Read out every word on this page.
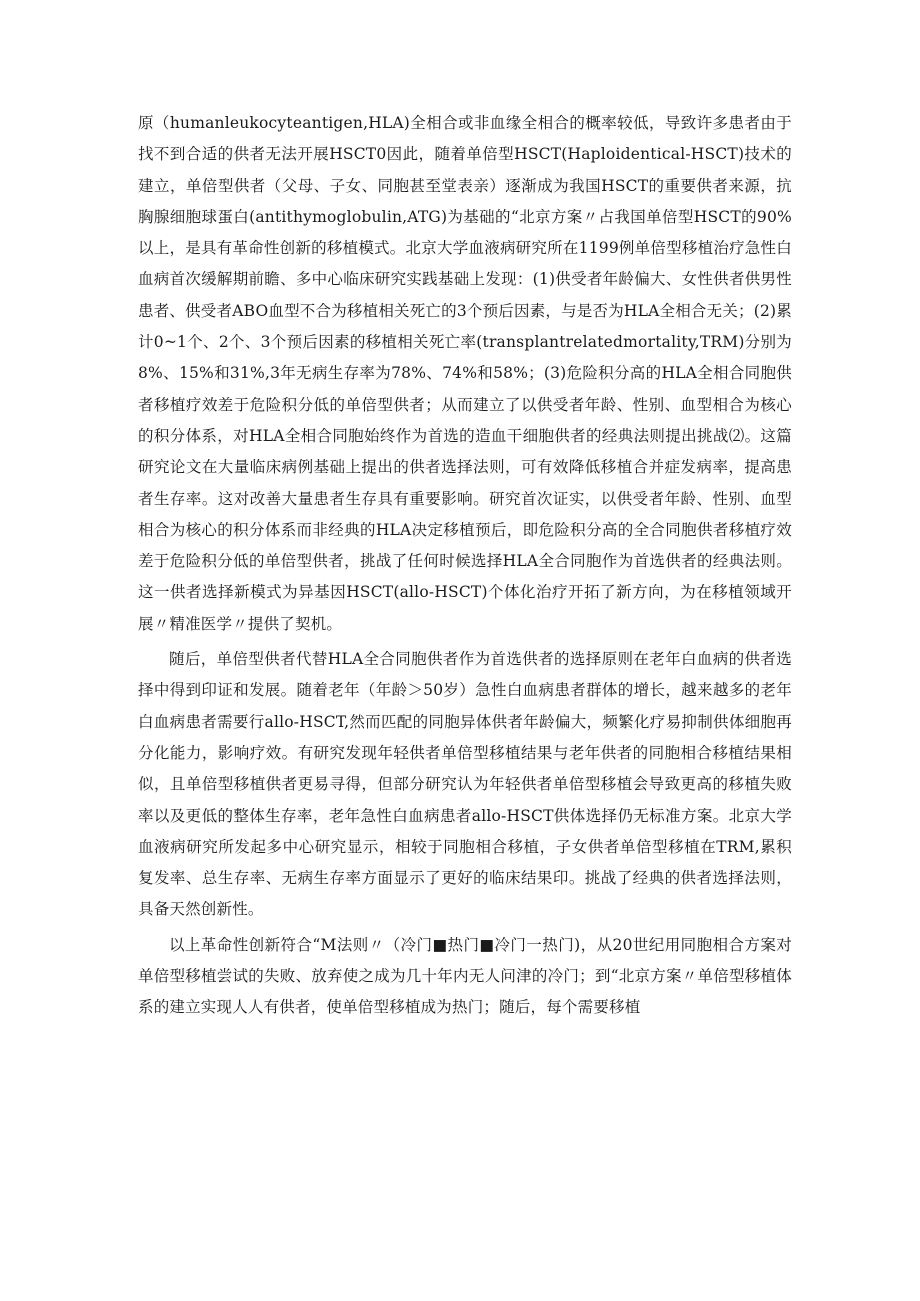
原（humanleukocyteantigen,HLA)全相合或非血缘全相合的概率较低，导致许多患者由于找不到合适的供者无法开展HSCT0因此，随着单倍型HSCT(Haploidentical-HSCT)技术的建立，单倍型供者（父母、子女、同胞甚至堂表亲）逐渐成为我国HSCT的重要供者来源，抗胸腺细胞球蛋白(antithymoglobulin,ATG)为基础的“北京方案〃占我国单倍型HSCT的90%以上，是具有革命性创新的移植模式。北京大学血液病研究所在1199例单倍型移植治疗急性白血病首次缓解期前瞻、多中心临床研究实践基础上发现：(1)供受者年龄偏大、女性供者供男性患者、供受者ABO血型不合为移植相关死亡的3个预后因素，与是否为HLA全相合无关；(2)累计0~1个、2个、3个预后因素的移植相关死亡率(transplantrelatedmortality,TRM)分别为8%、15%和31%,3年无病生存率为78%、74%和58%；(3)危险积分高的HLA全相合同胞供者移植疗效差于危险积分低的单倍型供者；从而建立了以供受者年龄、性别、血型相合为核心的积分体系，对HLA全相合同胞始终作为首选的造血干细胞供者的经典法则提出挑战⑵。这篇研究论文在大量临床病例基础上提出的供者选择法则，可有效降低移植合并症发病率，提高患者生存率。这对改善大量患者生存具有重要影响。研究首次证实，以供受者年龄、性别、血型相合为核心的积分体系而非经典的HLA决定移植预后，即危险积分高的全合同胞供者移植疗效差于危险积分低的单倍型供者，挑战了任何时候选择HLA全合同胞作为首选供者的经典法则。这一供者选择新模式为异基因HSCT(allo-HSCT)个体化治疗开拓了新方向，为在移植领域开展〃精准医学〃提供了契机。

随后，单倍型供者代替HLA全合同胞供者作为首选供者的选择原则在老年白血病的供者选择中得到印证和发展。随着老年（年龄＞50岁）急性白血病患者群体的增长，越来越多的老年白血病患者需要行allo-HSCT,然而匹配的同胞异体供者年龄偏大，频繁化疗易抑制供体细胞再分化能力，影响疗效。有研究发现年轻供者单倍型移植结果与老年供者的同胞相合移植结果相似，且单倍型移植供者更易寻得，但部分研究认为年轻供者单倍型移植会导致更高的移植失败率以及更低的整体生存率，老年急性白血病患者allo-HSCT供体选择仍无标准方案。北京大学血液病研究所发起多中心研究显示，相较于同胞相合移植，子女供者单倍型移植在TRM,累积复发率、总生存率、无病生存率方面显示了更好的临床结果印。挑战了经典的供者选择法则，具备天然创新性。

以上革命性创新符合“M法则〃（冷门■热门■冷门一热门)，从20世纪用同胞相合方案对单倍型移植尝试的失败、放弃使之成为几十年内无人问津的冷门；到“北京方案〃单倍型移植体系的建立实现人人有供者，使单倍型移植成为热门；随后，每个需要移植
